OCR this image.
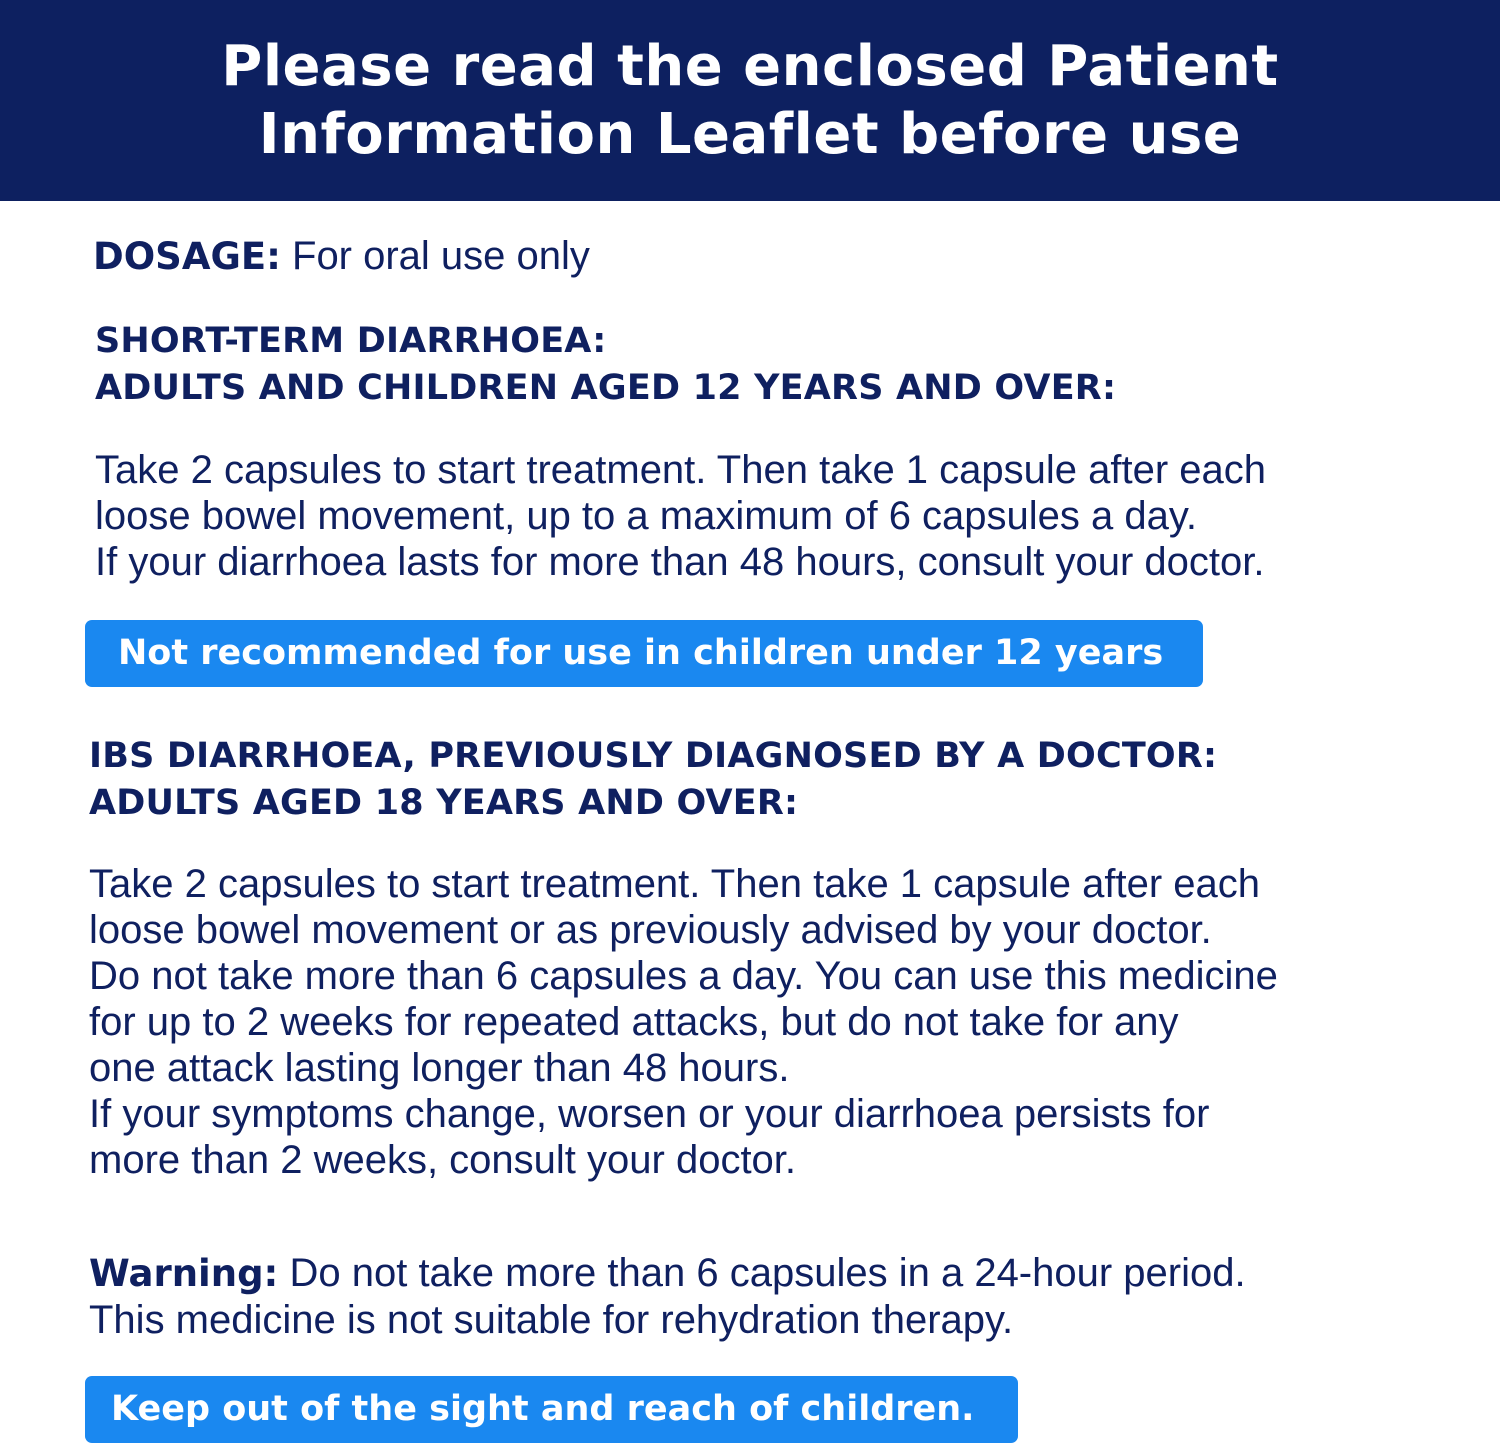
Please read the enclosed Patient
Information Leaflet before use
DOSAGE: For oral use only
SHORT-TERM DIARRHOEA:
ADULTS AND CHILDREN AGED 12 YEARS AND OVER:
Take 2 capsules to start treatment. Then take 1 capsule after each
loose bowel movement, up to a maximum of 6 capsules a day.
If your diarrhoea lasts for more than 48 hours, consult your doctor.
Not recommended for use in children under 12 years
IBS DIARRHOEA, PREVIOUSLY DIAGNOSED BY A DOCTOR:
ADULTS AGED 18 YEARS AND OVER:
Take 2 capsules to start treatment. Then take 1 capsule after each
loose bowel movement or as previously advised by your doctor.
Do not take more than 6 capsules a day. You can use this medicine
for up to 2 weeks for repeated attacks, but do not take for any
one attack lasting longer than 48 hours.
If your symptoms change, worsen or your diarrhoea persists for
more than 2 weeks, consult your doctor.
Warning: Do not take more than 6 capsules in a 24-hour period.
This medicine is not suitable for rehydration therapy.
Keep out of the sight and reach of children.
